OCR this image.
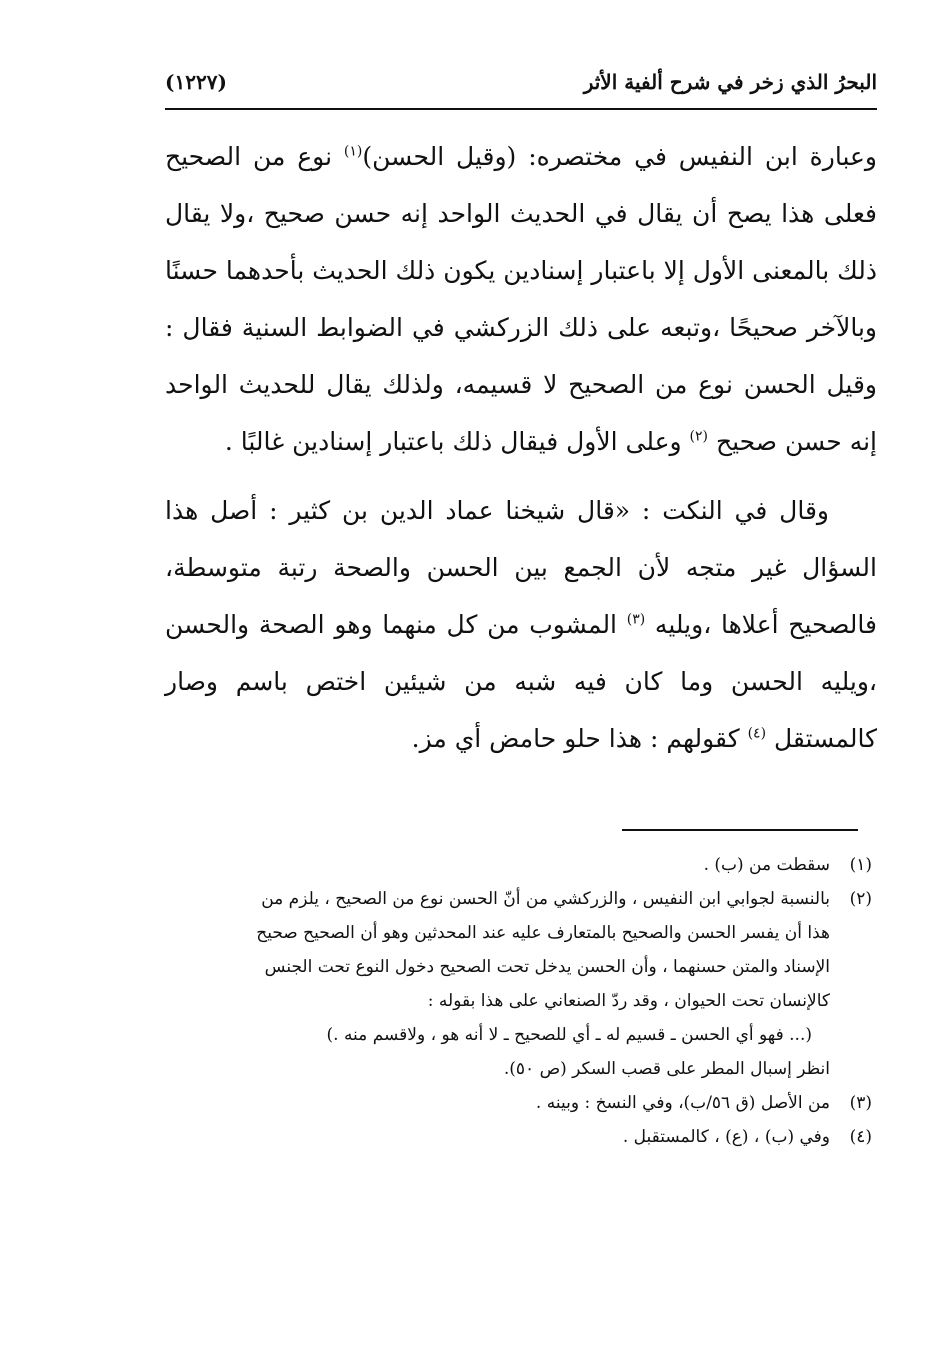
البحرُ الذي زخر في شرح ألفية الأثر
(١٢٢٧)

وعبارة ابن النفيس في مختصره: (وقيل الحسن)$^{(١)}$ نوع من الصحيح فعلى هذا يصح أن يقال في الحديث الواحد إنه حسن صحيح ،ولا يقال ذلك بالمعنى الأول إلا باعتبار إسنادين يكون ذلك الحديث بأحدهما حسنًا وبالآخر صحيحًا ،وتبعه على ذلك الزركشي في الضوابط السنية فقال : وقيل الحسن نوع من الصحيح لا قسيمه، ولذلك يقال للحديث الواحد إنه حسن صحيح $^{(٢)}$ وعلى الأول فيقال ذلك باعتبار إسنادين غالبًا .

وقال في النكت : «قال شيخنا عماد الدين بن كثير : أصل هذا السؤال غير متجه لأن الجمع بين الحسن والصحة رتبة متوسطة، فالصحيح أعلاها ،ويليه $^{(٣)}$ المشوب من كل منهما وهو الصحة والحسن ،ويليه الحسن وما كان فيه شبه من شيئين اختص باسم وصار كالمستقل $^{(٤)}$ كقولهم : هذا حلو حامض أي مز.

(١)
سقطت من (ب) .
(٢)
بالنسبة لجوابي ابن النفيس ، والزركشي من أنّ الحسن نوع من الصحيح ، يلزم من
هذا أن يفسر الحسن والصحيح بالمتعارف عليه عند المحدثين وهو أن الصحيح صحيح
الإسناد والمتن حسنهما ، وأن الحسن يدخل تحت الصحيح دخول النوع تحت الجنس
كالإنسان تحت الحيوان ، وقد ردّ الصنعاني على هذا بقوله :
(... فهو أي الحسن ـ قسيم له ـ أي للصحيح ـ لا أنه هو ، ولاقسم منه .)
انظر إسبال المطر على قصب السكر (ص ٥٠).
(٣)
من الأصل (ق ٥٦/ب)، وفي النسخ : وبينه .
(٤)
وفي (ب) ، (ع) ، كالمستقبل .
